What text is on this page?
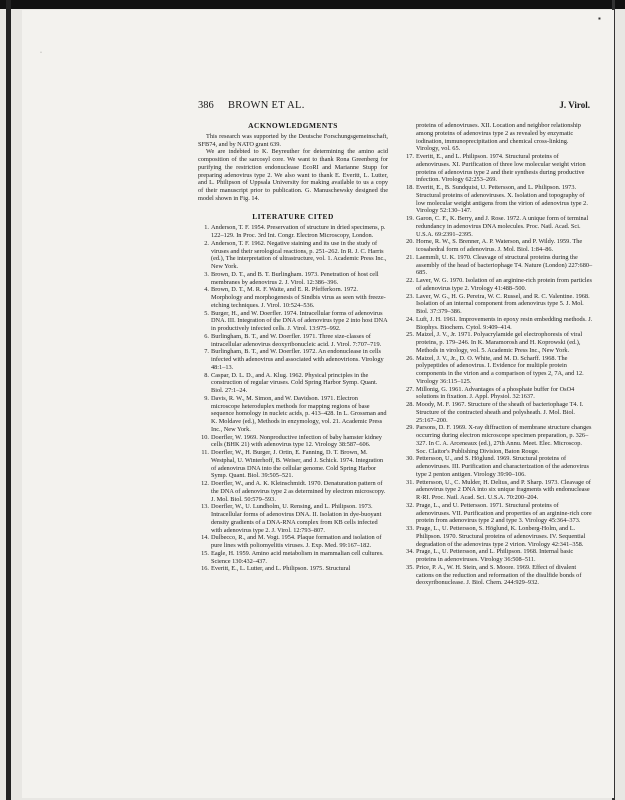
▪
·
386 BROWN ET AL.	J. Virol.
ACKNOWLEDGMENTS

This research was supported by the Deutsche Forschungsgemeinschaft, SFB74, and by NATO grant 639.

We are indebted to K. Beyreuther for determining the amino acid composition of the sarcosyl core. We want to thank Rona Greenberg for purifying the restriction endonuclease EcoRI and Marianne Stupp for preparing adenovirus type 2. We also want to thank E. Everitt, L. Lutter, and L. Philipson of Uppsala University for making available to us a copy of their manuscript prior to publication. G. Manuschewsky designed the model shown in Fig. 14.

LITERATURE CITED
1. Anderson, T. F. 1954. Preservation of structure in dried specimens, p. 122–129. In Proc. 3rd Int. Congr. Electron Microscopy, London.
2. Anderson, T. F. 1962. Negative staining and its use in the study of viruses and their serological reactions, p. 251–262. In R. J. C. Harris (ed.), The interpretation of ultrastructure, vol. 1. Academic Press Inc., New York.
3. Brown, D. T., and B. T. Burlingham. 1973. Penetration of host cell membranes by adenovirus 2. J. Virol. 12:386–396.
4. Brown, D. T., M. R. F. Waite, and E. R. Pfefferkorn. 1972. Morphology and morphogenesis of Sindbis virus as seen with freeze-etching techniques. J. Virol. 10:524–536.
5. Burger, H., and W. Doerfler. 1974. Intracellular forms of adenovirus DNA. III. Integration of the DNA of adenovirus type 2 into host DNA in productively infected cells. J. Virol. 13:975–992.
6. Burlingham, B. T., and W. Doerfler. 1971. Three size-classes of intracellular adenovirus deoxyribonucleic acid. J. Virol. 7:707–719.
7. Burlingham, B. T., and W. Doerfler. 1972. An endonuclease in cells infected with adenovirus and associated with adenovirions. Virology 48:1–13.
8. Caspar, D. L. D., and A. Klug. 1962. Physical principles in the construction of regular viruses. Cold Spring Harbor Symp. Quant. Biol. 27:1–24.
9. Davis, R. W., M. Simon, and W. Davidson. 1971. Electron microscope heteroduplex methods for mapping regions of base sequence homology in nucleic acids, p. 413–428. In L. Grossman and K. Moldave (ed.), Methods in enzymology, vol. 21. Academic Press Inc., New York.
10. Doerfler, W. 1969. Nonproductive infection of baby hamster kidney cells (BHK 21) with adenovirus type 12. Virology 38:587–606.
11. Doerfler, W., H. Burger, J. Ortin, E. Fanning, D. T. Brown, M. Westphal, U. Winterhoff, B. Weiser, and J. Schick. 1974. Integration of adenovirus DNA into the cellular genome. Cold Spring Harbor Symp. Quant. Biol. 39:505–521.
12. Doerfler, W., and A. K. Kleinschmidt. 1970. Denaturation pattern of the DNA of adenovirus type 2 as determined by electron microscopy. J. Mol. Biol. 50:579–593.
13. Doerfler, W., U. Lundholm, U. Rensing, and L. Philipson. 1973. Intracellular forms of adenovirus DNA. II. Isolation in dye-buoyant density gradients of a DNA-RNA complex from KB cells infected with adenovirus type 2. J. Virol. 12:793–807.
14. Dulbecco, R., and M. Vogt. 1954. Plaque formation and isolation of pure lines with poliomyelitis viruses. J. Exp. Med. 99:167–182.
15. Eagle, H. 1959. Amino acid metabolism in mammalian cell cultures. Science 130:432–437.
16. Everitt, E., L. Lutter, and L. Philipson. 1975. Structural
proteins of adenoviruses. XII. Location and neighbor relationship among proteins of adenovirus type 2 as revealed by enzymatic iodination, immunoprecipitation and chemical cross-linking. Virology, vol. 65.
17. Everitt, E., and L. Philipson. 1974. Structural proteins of adenoviruses. XI. Purification of three low molecular weight virion proteins of adenovirus type 2 and their synthesis during productive infection. Virology 62:253–269.
18. Everitt, E., B. Sundquist, U. Pettersson, and L. Philipson. 1973. Structural proteins of adenoviruses. X. Isolation and topography of low molecular weight antigens from the virion of adenovirus type 2. Virology 52:130–147.
19. Garon, C. F., K. Berry, and J. Rose. 1972. A unique form of terminal redundancy in adenovirus DNA molecules. Proc. Natl. Acad. Sci. U.S.A. 69:2391–2395.
20. Horne, R. W., S. Brenner, A. P. Waterson, and P. Wildy. 1959. The icosahedral form of adenovirus. J. Mol. Biol. 1:84–86.
21. Laemmli, U. K. 1970. Cleavage of structural proteins during the assembly of the head of bacteriophage T4. Nature (London) 227:680–685.
22. Laver, W. G. 1970. Isolation of an arginine-rich protein from particles of adenovirus type 2. Virology 41:488–500.
23. Laver, W. G., H. G. Pereira, W. C. Russel, and R. C. Valentine. 1968. Isolation of an internal component from adenovirus type 5. J. Mol. Biol. 37:379–386.
24. Luft, J. H. 1961. Improvements in epoxy resin embedding methods. J. Biophys. Biochem. Cytol. 9:409–414.
25. Maizel, J. V., Jr. 1971. Polyacrylamide gel electrophoresis of viral proteins, p. 179–246. In K. Maramorosh and H. Koprowski (ed.), Methods in virology, vol. 5. Academic Press Inc., New York.
26. Maizel, J. V., Jr., D. O. White, and M. D. Scharff. 1968. The polypeptides of adenovirus. I. Evidence for multiple protein components in the virion and a comparison of types 2, 7A, and 12. Virology 36:115–125.
27. Millonig, G. 1961. Advantages of a phosphate buffer for OsO4 solutions in fixation. J. Appl. Physiol. 32:1637.
28. Moody, M. F. 1967. Structure of the sheath of bacteriophage T4. I. Structure of the contracted sheath and polysheath. J. Mol. Biol. 25:167–200.
29. Parsons, D. F. 1969. X-ray diffraction of membrane structure changes occurring during electron microscope specimen preparation, p. 326–327. In C. A. Arceneaux (ed.), 27th Annu. Meet. Elec. Microscop. Soc. Claitor's Publishing Division, Baton Rouge.
30. Pettersson, U., and S. Höglund. 1969. Structural proteins of adenoviruses. III. Purification and characterization of the adenovirus type 2 penton antigen. Virology 39:90–106.
31. Pettersson, U., C. Mulder, H. Delius, and P. Sharp. 1973. Cleavage of adenovirus type 2 DNA into six unique fragments with endonuclease R·RI. Proc. Natl. Acad. Sci. U.S.A. 70:200–204.
32. Prage, L., and U. Pettersson. 1971. Structural proteins of adenoviruses. VII. Purification and properties of an arginine-rich core protein from adenovirus type 2 and type 3. Virology 45:364–373.
33. Prage, L., U. Pettersson, S. Höglund, K. Lonberg-Holm, and L. Philipson. 1970. Structural proteins of adenoviruses. IV. Sequential degradation of the adenovirus type 2 virion. Virology 42:341–358.
34. Prage, L., U. Pettersson, and L. Philipson. 1968. Internal basic proteins in adenoviruses. Virology 36:508–511.
35. Price, P. A., W. H. Stein, and S. Moore. 1969. Effect of divalent cations on the reduction and reformation of the disulfide bonds of deoxyribonuclease. J. Biol. Chem. 244:929–932.
